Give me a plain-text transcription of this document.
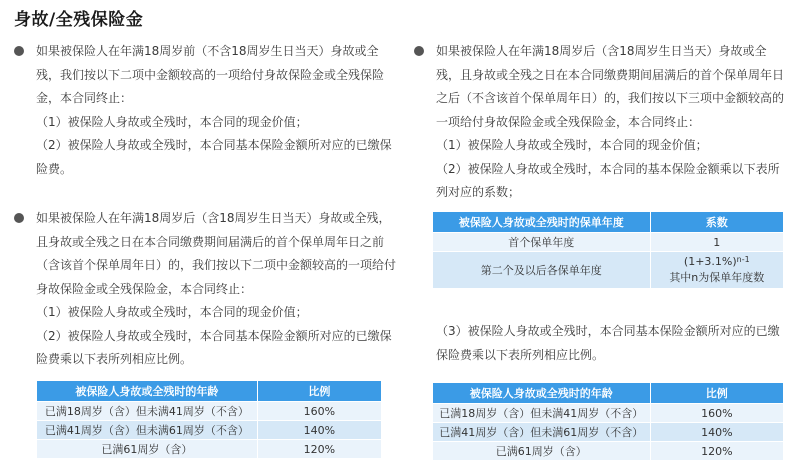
身故/全残保险金

如果被保险人在年满18周岁前（不含18周岁生日当天）身故或全残，我们按以下二项中金额较高的一项给付身故保险金或全残保险金，本合同终止：

（1）被保险人身故或全残时，本合同的现金价值；

（2）被保险人身故或全残时，本合同基本保险金额所对应的已缴保险费。

如果被保险人在年满18周岁后（含18周岁生日当天）身故或全残，且身故或全残之日在本合同缴费期间届满后的首个保单周年日之前（含该首个保单周年日）的，我们按以下二项中金额较高的一项给付身故保险金或全残保险金，本合同终止：

（1）被保险人身故或全残时，本合同的现金价值；

（2）被保险人身故或全残时，本合同基本保险金额所对应的已缴保险费乘以下表所列相应比例。

被保险人身故或全残时的年龄	比例
已满18周岁（含）但未满41周岁（不含）	160%
已满41周岁（含）但未满61周岁（不含）	140%
已满61周岁（含）	120%

如果被保险人在年满18周岁后（含18周岁生日当天）身故或全残，且身故或全残之日在本合同缴费期间届满后的首个保单周年日之后（不含该首个保单周年日）的，我们按以下三项中金额较高的一项给付身故保险金或全残保险金，本合同终止：

（1）被保险人身故或全残时，本合同的现金价值；

（2）被保险人身故或全残时，本合同的基本保险金额乘以下表所列对应的系数；

被保险人身故或全残时的保单年度	系数
首个保单年度	1
第二个及以后各保单年度	$(1+3.1\%)^{n-1}$
其中n为保单年度数

（3）被保险人身故或全残时，本合同基本保险金额所对应的已缴保险费乘以下表所列相应比例。

被保险人身故或全残时的年龄	比例
已满18周岁（含）但未满41周岁（不含）	160%
已满41周岁（含）但未满61周岁（不含）	140%
已满61周岁（含）	120%
